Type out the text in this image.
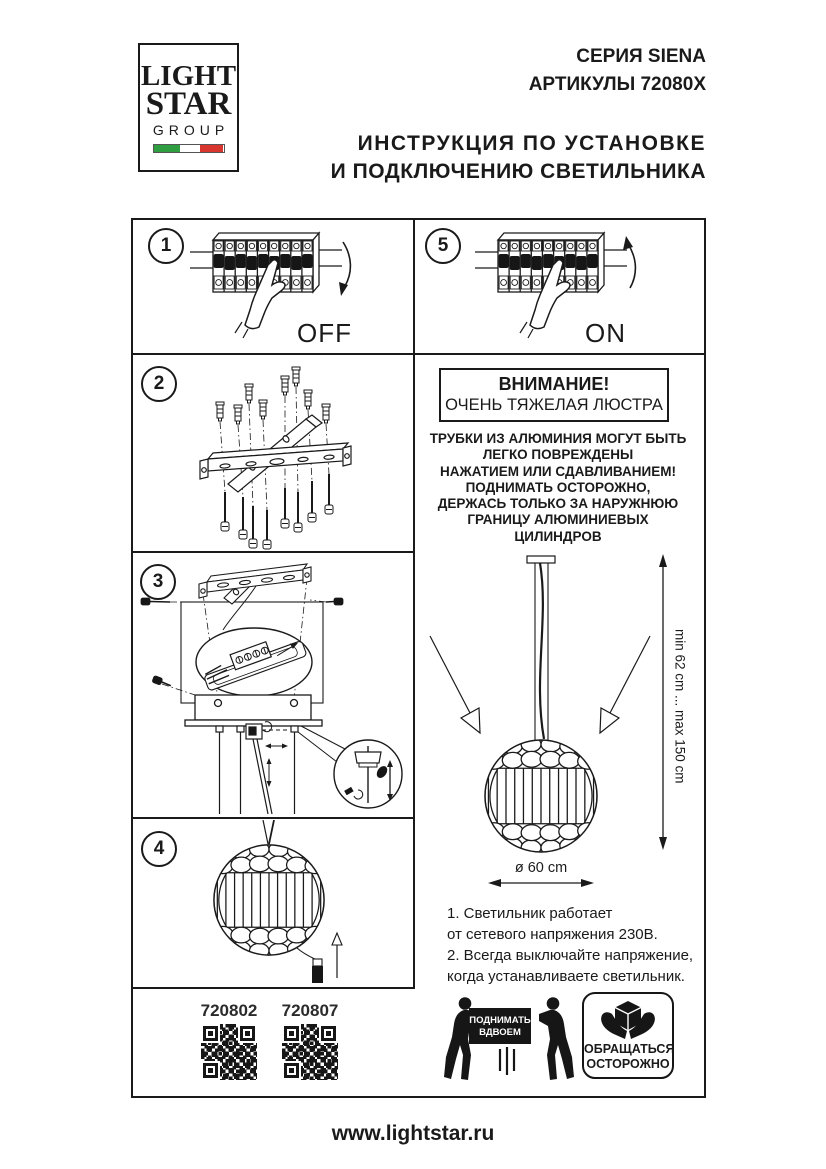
LIGHT
STAR
GROUP
СЕРИЯ SIENA
АРТИКУЛЫ 72080X
ИНСТРУКЦИЯ ПО УСТАНОВКЕ
И ПОДКЛЮЧЕНИЮ СВЕТИЛЬНИКА
1
2
3
4
5
OFF	ON
ВНИМАНИЕ!
ОЧЕНЬ ТЯЖЕЛАЯ ЛЮСТРА
ТРУБКИ ИЗ АЛЮМИНИЯ МОГУТ БЫТЬ
ЛЕГКО ПОВРЕЖДЕНЫ
НАЖАТИЕМ ИЛИ СДАВЛИВАНИЕМ!
ПОДНИМАТЬ ОСТОРОЖНО,
ДЕРЖАСЬ ТОЛЬКО ЗА НАРУЖНЮЮ
ГРАНИЦУ АЛЮМИНИЕВЫХ ЦИЛИНДРОВ
min 62 cm ... max 150 cm
ø 60 cm
1. Светильник работает
от сетевого напряжения 230В.
2. Всегда выключайте напряжение,
когда устанавливаете светильник.
720802	720807
ПОДНИМАТЬ
ВДВОЕМ
ОБРАЩАТЬСЯ
ОСТОРОЖНО
www.lightstar.ru
